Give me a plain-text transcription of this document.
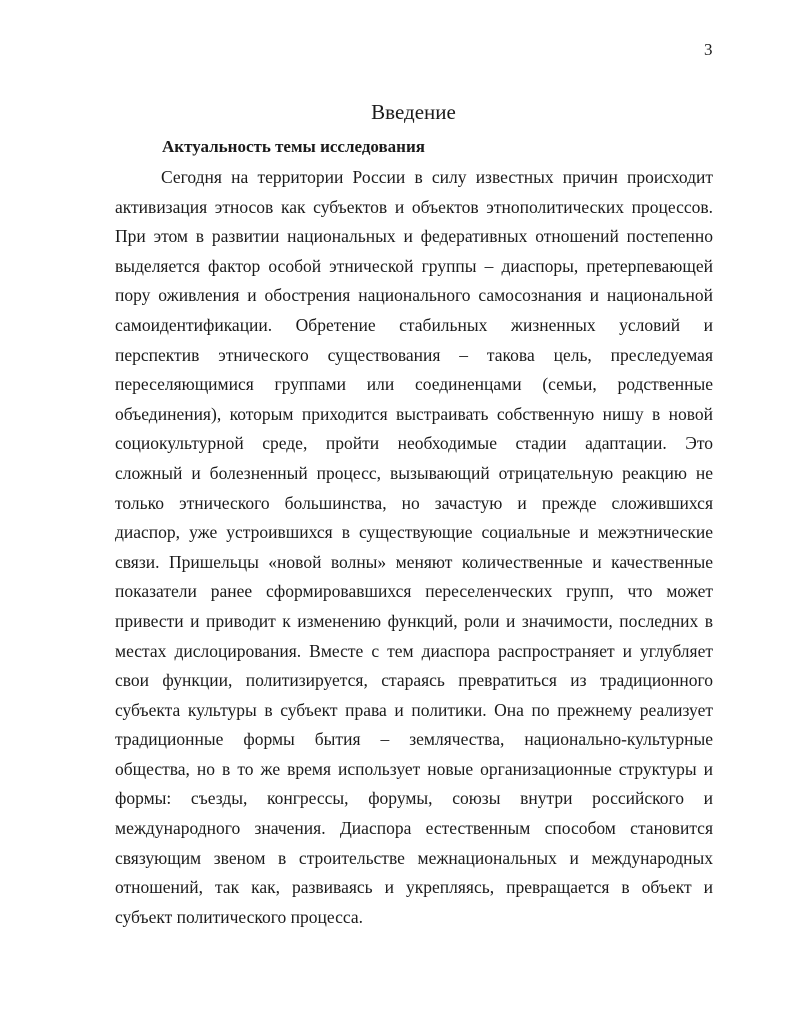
3
Введение
Актуальность темы исследования
Сегодня на территории России в силу известных причин происходит
активизация этносов как субъектов и объектов этнополитических процессов.
При этом в развитии национальных и федеративных отношений постепенно
выделяется фактор особой этнической группы – диаспоры, претерпевающей
пору оживления и обострения национального самосознания и национальной
самоидентификации. Обретение стабильных жизненных условий и
перспектив этнического существования – такова цель, преследуемая
переселяющимися группами или соединенцами (семьи, родственные
объединения), которым приходится выстраивать собственную нишу в новой
социокультурной среде, пройти необходимые стадии адаптации. Это
сложный и болезненный процесс, вызывающий отрицательную реакцию не
только этнического большинства, но зачастую и прежде сложившихся
диаспор, уже устроившихся в существующие социальные и межэтнические
связи. Пришельцы «новой волны» меняют количественные и качественные
показатели ранее сформировавшихся переселенческих групп, что может
привести и приводит к изменению функций, роли и значимости, последних в
местах дислоцирования. Вместе с тем диаспора распространяет и углубляет
свои функции, политизируется, стараясь превратиться из традиционного
субъекта культуры в субъект права и политики. Она по прежнему реализует
традиционные формы бытия – землячества, национально-культурные
общества, но в то же время использует новые организационные структуры и
формы: съезды, конгрессы, форумы, союзы внутри российского и
международного значения. Диаспора естественным способом становится
связующим звеном в строительстве межнациональных и международных
отношений, так как, развиваясь и укрепляясь, превращается в объект и
субъект политического процесса.
